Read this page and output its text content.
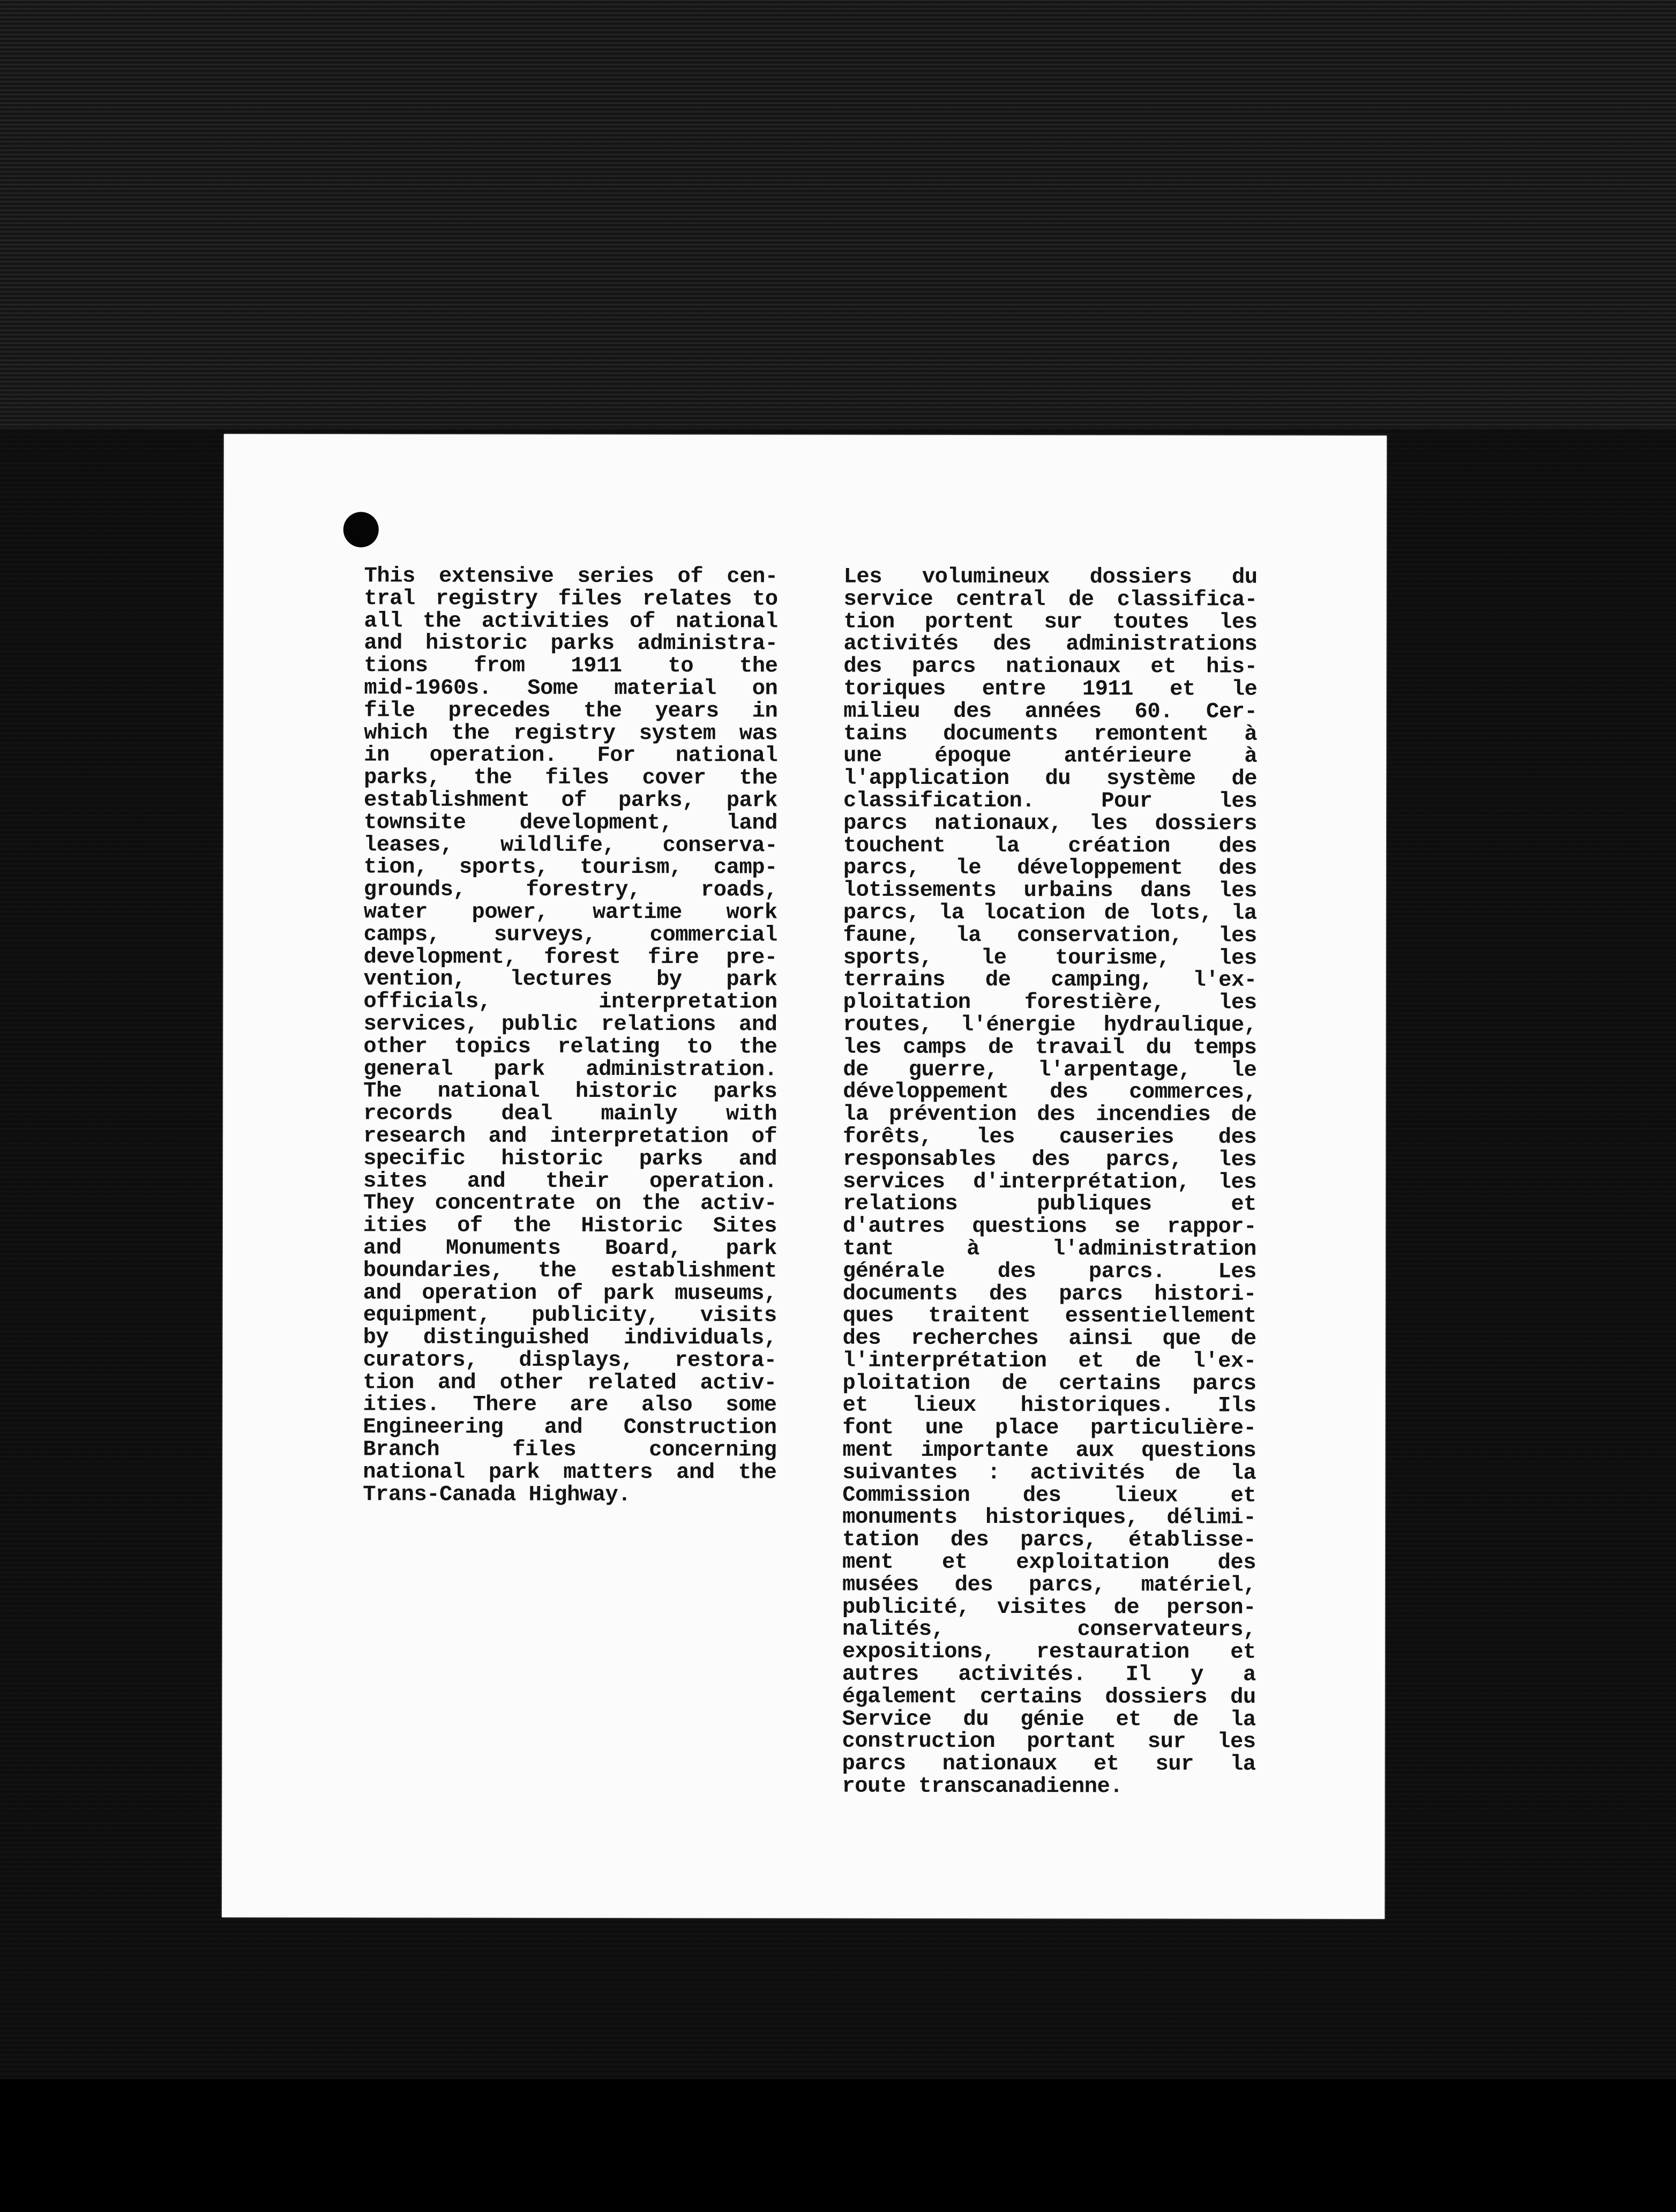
This extensive series of cen-
tral registry files relates to
all the activities of national
and historic parks administra-
tions from 1911 to the
mid-1960s. Some material on
file precedes the years in
which the registry system was
in operation. For national
parks, the files cover the
establishment of parks, park
townsite development, land
leases, wildlife, conserva-
tion, sports, tourism, camp-
grounds, forestry, roads,
water power, wartime work
camps, surveys, commercial
development, forest fire pre-
vention, lectures by park
officials, interpretation
services, public relations and
other topics relating to the
general park administration.
The national historic parks
records deal mainly with
research and interpretation of
specific historic parks and
sites and their operation.
They concentrate on the activ-
ities of the Historic Sites
and Monuments Board, park
boundaries, the establishment
and operation of park museums,
equipment, publicity, visits
by distinguished individuals,
curators, displays, restora-
tion and other related activ-
ities. There are also some
Engineering and Construction
Branch files concerning
national park matters and the
Trans-Canada Highway.
Les volumineux dossiers du
service central de classifica-
tion portent sur toutes les
activités des administrations
des parcs nationaux et his-
toriques entre 1911 et le
milieu des années 60. Cer-
tains documents remontent à
une époque antérieure à
l'application du système de
classification. Pour les
parcs nationaux, les dossiers
touchent la création des
parcs, le développement des
lotissements urbains dans les
parcs, la location de lots, la
faune, la conservation, les
sports, le tourisme, les
terrains de camping, l'ex-
ploitation forestière, les
routes, l'énergie hydraulique,
les camps de travail du temps
de guerre, l'arpentage, le
développement des commerces,
la prévention des incendies de
forêts, les causeries des
responsables des parcs, les
services d'interprétation, les
relations publiques et
d'autres questions se rappor-
tant à l'administration
générale des parcs. Les
documents des parcs histori-
ques traitent essentiellement
des recherches ainsi que de
l'interprétation et de l'ex-
ploitation de certains parcs
et lieux historiques. Ils
font une place particulière-
ment importante aux questions
suivantes : activités de la
Commission des lieux et
monuments historiques, délimi-
tation des parcs, établisse-
ment et exploitation des
musées des parcs, matériel,
publicité, visites de person-
nalités, conservateurs,
expositions, restauration et
autres activités. Il y a
également certains dossiers du
Service du génie et de la
construction portant sur les
parcs nationaux et sur la
route transcanadienne.
